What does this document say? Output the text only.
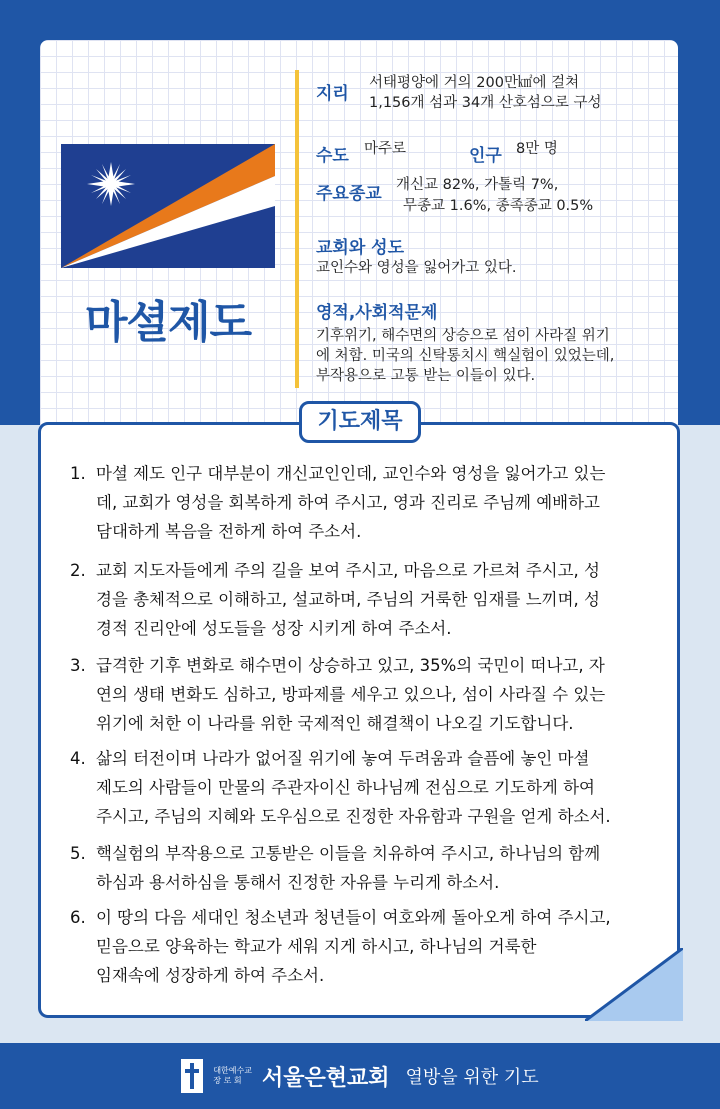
마셜제도
지리
서태평양에 거의 200만㎢에 걸쳐
1,156개 섬과 34개 산호섬으로 구성
수도 마주로	인구 8만 명
주요종교 개신교 82%, 가톨릭 7%,
무종교 1.6%, 종족종교 0.5%
교회와 성도
교인수와 영성을 잃어가고 있다.
영적,사회적문제
기후위기, 해수면의 상승으로 섬이 사라질 위기
에 처함. 미국의 신탁통치시 핵실험이 있었는데,
부작용으로 고통 받는 이들이 있다.
기도제목
1. 마셜 제도 인구 대부분이 개신교인인데, 교인수와 영성을 잃어가고 있는
데, 교회가 영성을 회복하게 하여 주시고, 영과 진리로 주님께 예배하고
담대하게 복음을 전하게 하여 주소서.
2. 교회 지도자들에게 주의 길을 보여 주시고, 마음으로 가르쳐 주시고, 성
경을 총체적으로 이해하고, 설교하며, 주님의 거룩한 임재를 느끼며, 성
경적 진리안에 성도들을 성장 시키게 하여 주소서.
3. 급격한 기후 변화로 해수면이 상승하고 있고, 35%의 국민이 떠나고, 자
연의 생태 변화도 심하고, 방파제를 세우고 있으나, 섬이 사라질 수 있는
위기에 처한 이 나라를 위한 국제적인 해결책이 나오길 기도합니다.
4. 삶의 터전이며 나라가 없어질 위기에 놓여 두려움과 슬픔에 놓인 마셜
제도의 사람들이 만물의 주관자이신 하나님께 전심으로 기도하게 하여
주시고, 주님의 지혜와 도우심으로 진정한 자유함과 구원을 얻게 하소서.
5. 핵실험의 부작용으로 고통받은 이들을 치유하여 주시고, 하나님의 함께
하심과 용서하심을 통해서 진정한 자유를 누리게 하소서.
6. 이 땅의 다음 세대인 청소년과 청년들이 여호와께 돌아오게 하여 주시고,
믿음으로 양육하는 학교가 세워 지게 하시고, 하나님의 거룩한
임재속에 성장하게 하여 주소서.
대한예수교
장 로 회 서울은현교회 열방을 위한 기도
